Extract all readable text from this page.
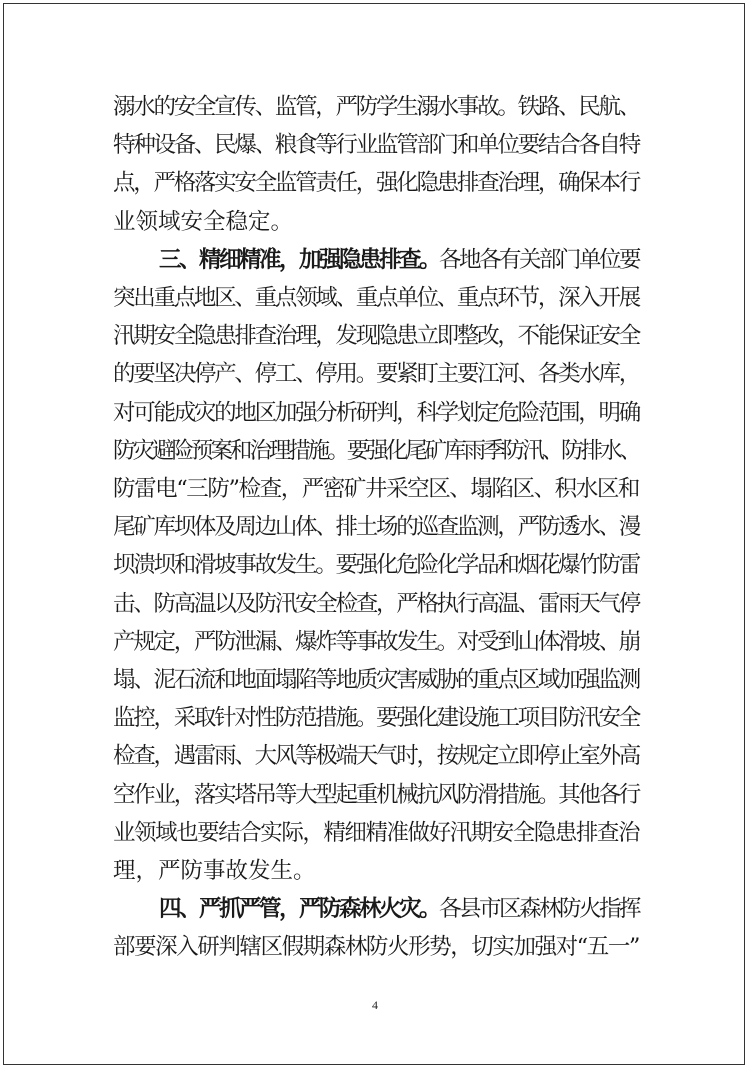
溺水的安全宣传、监管，严防学生溺水事故。铁路、民航、
特种设备、民爆、粮食等行业监管部门和单位要结合各自特
点，严格落实安全监管责任，强化隐患排查治理，确保本行
业领域安全稳定。
三、精细精准，加强隐患排查。各地各有关部门单位要
突出重点地区、重点领域、重点单位、重点环节，深入开展
汛期安全隐患排查治理，发现隐患立即整改，不能保证安全
的要坚决停产、停工、停用。要紧盯主要江河、各类水库，
对可能成灾的地区加强分析研判，科学划定危险范围，明确
防灾避险预案和治理措施。要强化尾矿库雨季防汛、防排水、
防雷电“三防”检查，严密矿井采空区、塌陷区、积水区和
尾矿库坝体及周边山体、排土场的巡查监测，严防透水、漫
坝溃坝和滑坡事故发生。要强化危险化学品和烟花爆竹防雷
击、防高温以及防汛安全检查，严格执行高温、雷雨天气停
产规定，严防泄漏、爆炸等事故发生。对受到山体滑坡、崩
塌、泥石流和地面塌陷等地质灾害威胁的重点区域加强监测
监控，采取针对性防范措施。要强化建设施工项目防汛安全
检查，遇雷雨、大风等极端天气时，按规定立即停止室外高
空作业，落实塔吊等大型起重机械抗风防滑措施。其他各行
业领域也要结合实际，精细精准做好汛期安全隐患排查治
理，严防事故发生。
四、严抓严管，严防森林火灾。各县市区森林防火指挥
部要深入研判辖区假期森林防火形势，切实加强对“五一”
4
